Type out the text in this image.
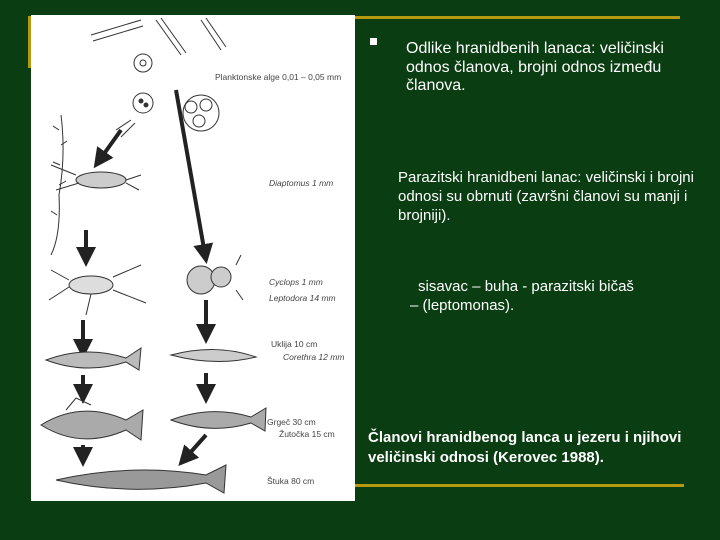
Planktonske alge 0,01 – 0,05 mm
Diaptomus 1 mm
Cyclops 1 mm
Leptodora 14 mm
Uklija 10 cm
Corethra 12 mm
Grgeč 30 cm
Žutočka 15 cm
Štuka 80 cm
Odlike hranidbenih lanaca: veličinski odnos članova, brojni odnos između članova.
Parazitski hranidbeni lanac: veličinski i brojni odnosi su obrnuti (završni članovi su manji i brojniji).
sisavac – buha - parazitski bičaš
– (leptomonas).
Članovi hranidbenog lanca u jezeru i njihovi veličinski odnosi (Kerovec 1988).
